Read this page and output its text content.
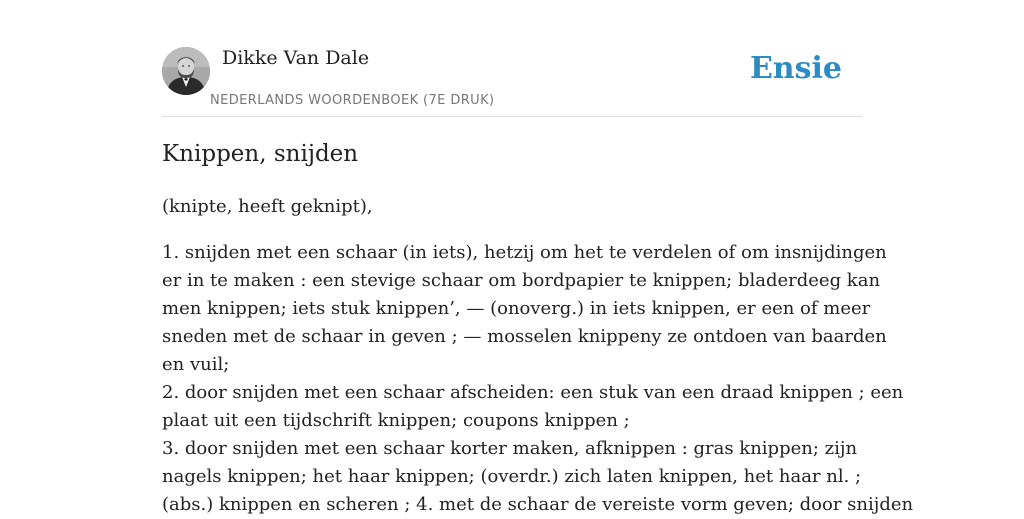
Dikke Van Dale
NEDERLANDS WOORDENBOEK (7E DRUK)
Ensie
Knippen, snijden

(knipte, heeft geknipt),

1. snijden met een schaar (in iets), hetzij om het te verdelen of om insnijdingen
er in te maken : een stevige schaar om bordpapier te knippen; bladerdeeg kan
men knippen; iets stuk knippen’, — (onoverg.) in iets knippen, er een of meer
sneden met de schaar in geven ; — mosselen knippeny ze ontdoen van baarden
en vuil;
2. door snijden met een schaar afscheiden: een stuk van een draad knippen ; een
plaat uit een tijdschrift knippen; coupons knippen ;
3. door snijden met een schaar korter maken, afknippen : gras knippen; zijn
nagels knippen; het haar knippen; (overdr.) zich laten knippen, het haar nl. ;
(abs.) knippen en scheren ; 4. met de schaar de vereiste vorm geven; door snijden
